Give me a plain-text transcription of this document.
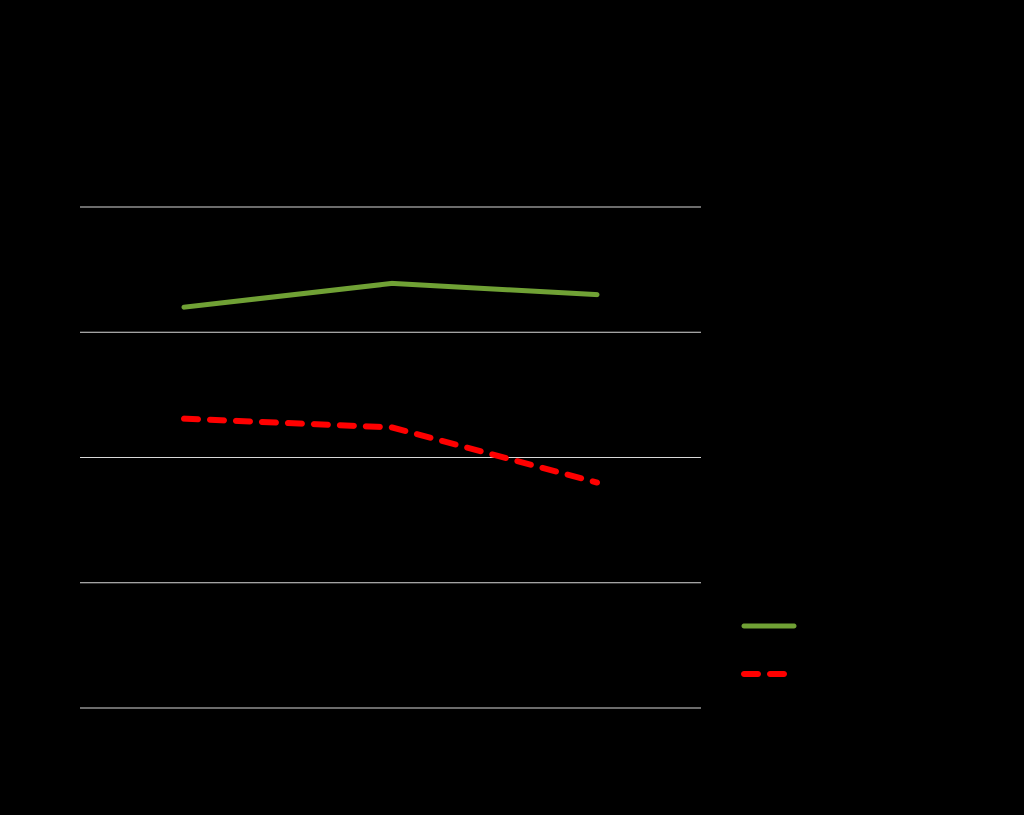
0
1
2
3
4
